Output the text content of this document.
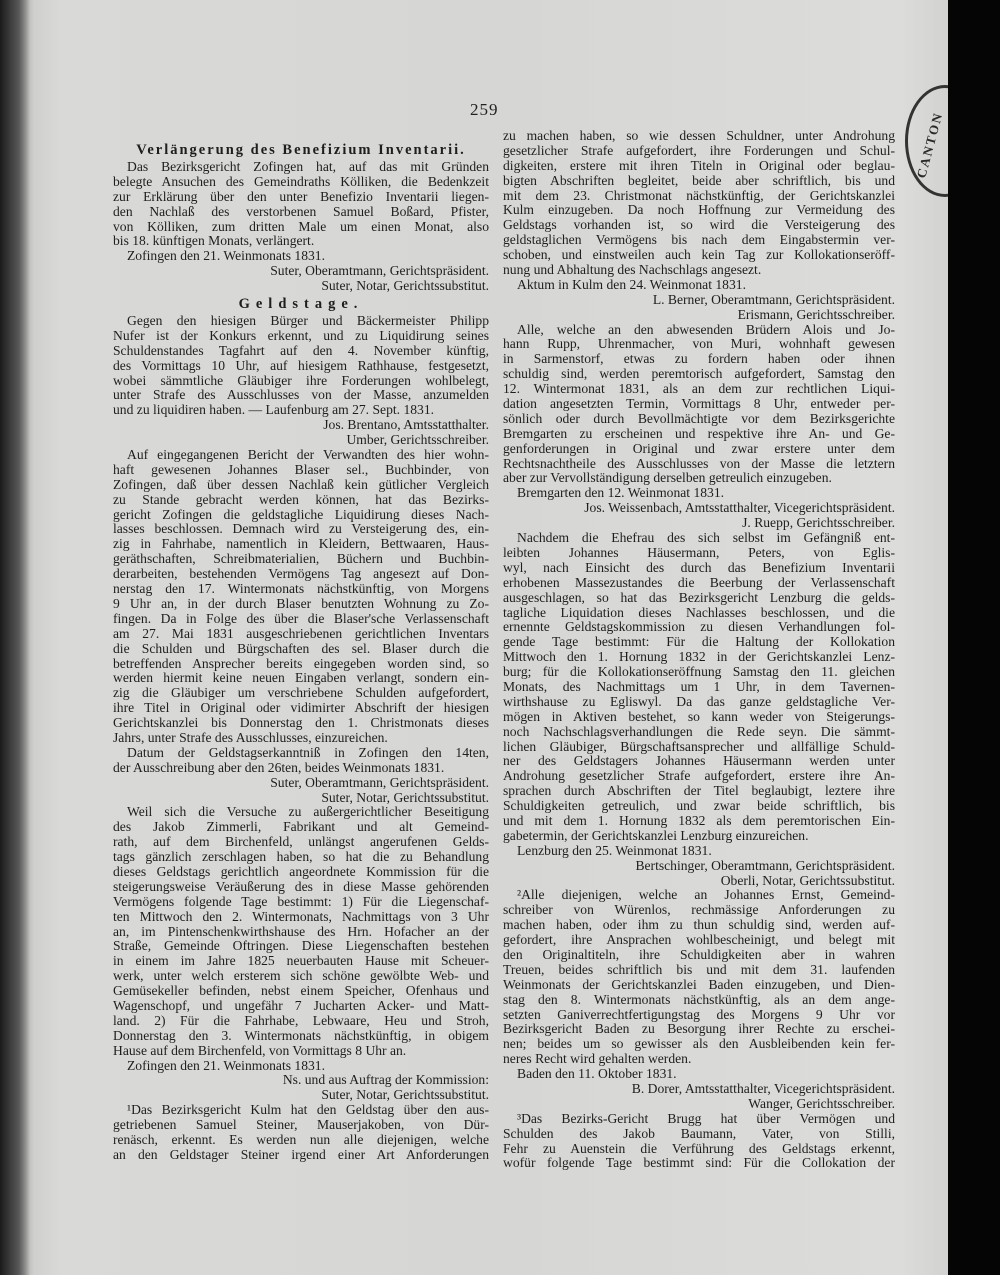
259
Verlängerung des Benefizium Inventarii.
Das Bezirksgericht Zofingen hat, auf das mit Gründen
belegte Ansuchen des Gemeindraths Kölliken, die Bedenkzeit
zur Erklärung über den unter Benefizio Inventarii liegen-
den Nachlaß des verstorbenen Samuel Boßard, Pfister,
von Kölliken, zum dritten Male um einen Monat, also
bis 18. künftigen Monats, verlängert.
Zofingen den 21. Weinmonats 1831.
Suter, Oberamtmann, Gerichtspräsident.
Suter, Notar, Gerichtssubstitut.
Geldstage.
Gegen den hiesigen Bürger und Bäckermeister Philipp
Nufer ist der Konkurs erkennt, und zu Liquidirung seines
Schuldenstandes Tagfahrt auf den 4. November künftig,
des Vormittags 10 Uhr, auf hiesigem Rathhause, festgesetzt,
wobei sämmtliche Gläubiger ihre Forderungen wohlbelegt,
unter Strafe des Ausschlusses von der Masse, anzumelden
und zu liquidiren haben. — Laufenburg am 27. Sept. 1831.
Jos. Brentano, Amtsstatthalter.
Umber, Gerichtsschreiber.
Auf eingegangenen Bericht der Verwandten des hier wohn-
haft gewesenen Johannes Blaser sel., Buchbinder, von
Zofingen, daß über dessen Nachlaß kein gütlicher Vergleich
zu Stande gebracht werden können, hat das Bezirks-
gericht Zofingen die geldstagliche Liquidirung dieses Nach-
lasses beschlossen. Demnach wird zu Versteigerung des, ein-
zig in Fahrhabe, namentlich in Kleidern, Bettwaaren, Haus-
geräthschaften, Schreibmaterialien, Büchern und Buchbin-
derarbeiten, bestehenden Vermögens Tag angesezt auf Don-
nerstag den 17. Wintermonats nächstkünftig, von Morgens
9 Uhr an, in der durch Blaser benutzten Wohnung zu Zo-
fingen. Da in Folge des über die Blaser'sche Verlassenschaft
am 27. Mai 1831 ausgeschriebenen gerichtlichen Inventars
die Schulden und Bürgschaften des sel. Blaser durch die
betreffenden Ansprecher bereits eingegeben worden sind, so
werden hiermit keine neuen Eingaben verlangt, sondern ein-
zig die Gläubiger um verschriebene Schulden aufgefordert,
ihre Titel in Original oder vidimirter Abschrift der hiesigen
Gerichtskanzlei bis Donnerstag den 1. Christmonats dieses
Jahrs, unter Strafe des Ausschlusses, einzureichen.
Datum der Geldstagserkanntniß in Zofingen den 14ten,
der Ausschreibung aber den 26ten, beides Weinmonats 1831.
Suter, Oberamtmann, Gerichtspräsident.
Suter, Notar, Gerichtssubstitut.
Weil sich die Versuche zu außergerichtlicher Beseitigung
des Jakob Zimmerli, Fabrikant und alt Gemeind-
rath, auf dem Birchenfeld, unlängst angerufenen Gelds-
tags gänzlich zerschlagen haben, so hat die zu Behandlung
dieses Geldstags gerichtlich angeordnete Kommission für die
steigerungsweise Veräußerung des in diese Masse gehörenden
Vermögens folgende Tage bestimmt: 1) Für die Liegenschaf-
ten Mittwoch den 2. Wintermonats, Nachmittags von 3 Uhr
an, im Pintenschenkwirthshause des Hrn. Hofacher an der
Straße, Gemeinde Oftringen. Diese Liegenschaften bestehen
in einem im Jahre 1825 neuerbauten Hause mit Scheuer-
werk, unter welch ersterem sich schöne gewölbte Web- und
Gemüsekeller befinden, nebst einem Speicher, Ofenhaus und
Wagenschopf, und ungefähr 7 Jucharten Acker- und Matt-
land. 2) Für die Fahrhabe, Lebwaare, Heu und Stroh,
Donnerstag den 3. Wintermonats nächstkünftig, in obigem
Hause auf dem Birchenfeld, von Vormittags 8 Uhr an.
Zofingen den 21. Weinmonats 1831.
Ns. und aus Auftrag der Kommission:
Suter, Notar, Gerichtssubstitut.
¹Das Bezirksgericht Kulm hat den Geldstag über den aus-
getriebenen Samuel Steiner, Mauserjakoben, von Dür-
renäsch, erkennt. Es werden nun alle diejenigen, welche
an den Geldstager Steiner irgend einer Art Anforderungen
zu machen haben, so wie dessen Schuldner, unter Androhung
gesetzlicher Strafe aufgefordert, ihre Forderungen und Schul-
digkeiten, erstere mit ihren Titeln in Original oder beglau-
bigten Abschriften begleitet, beide aber schriftlich, bis und
mit dem 23. Christmonat nächstkünftig, der Gerichtskanzlei
Kulm einzugeben. Da noch Hoffnung zur Vermeidung des
Geldstags vorhanden ist, so wird die Versteigerung des
geldstaglichen Vermögens bis nach dem Eingabstermin ver-
schoben, und einstweilen auch kein Tag zur Kollokationseröff-
nung und Abhaltung des Nachschlags angesezt.
Aktum in Kulm den 24. Weinmonat 1831.
L. Berner, Oberamtmann, Gerichtspräsident.
Erismann, Gerichtsschreiber.
Alle, welche an den abwesenden Brüdern Alois und Jo-
hann Rupp, Uhrenmacher, von Muri, wohnhaft gewesen
in Sarmenstorf, etwas zu fordern haben oder ihnen
schuldig sind, werden peremtorisch aufgefordert, Samstag den
12. Wintermonat 1831, als an dem zur rechtlichen Liqui-
dation angesetzten Termin, Vormittags 8 Uhr, entweder per-
sönlich oder durch Bevollmächtigte vor dem Bezirksgerichte
Bremgarten zu erscheinen und respektive ihre An- und Ge-
genforderungen in Original und zwar erstere unter dem
Rechtsnachtheile des Ausschlusses von der Masse die letztern
aber zur Vervollständigung derselben getreulich einzugeben.
Bremgarten den 12. Weinmonat 1831.
Jos. Weissenbach, Amtsstatthalter, Vicegerichtspräsident.
J. Ruepp, Gerichtsschreiber.
Nachdem die Ehefrau des sich selbst im Gefängniß ent-
leibten Johannes Häusermann, Peters, von Eglis-
wyl, nach Einsicht des durch das Benefizium Inventarii
erhobenen Massezustandes die Beerbung der Verlassenschaft
ausgeschlagen, so hat das Bezirksgericht Lenzburg die gelds-
tagliche Liquidation dieses Nachlasses beschlossen, und die
ernennte Geldstagskommission zu diesen Verhandlungen fol-
gende Tage bestimmt: Für die Haltung der Kollokation
Mittwoch den 1. Hornung 1832 in der Gerichtskanzlei Lenz-
burg; für die Kollokationseröffnung Samstag den 11. gleichen
Monats, des Nachmittags um 1 Uhr, in dem Tavernen-
wirthshause zu Egliswyl. Da das ganze geldstagliche Ver-
mögen in Aktiven bestehet, so kann weder von Steigerungs-
noch Nachschlagsverhandlungen die Rede seyn. Die sämmt-
lichen Gläubiger, Bürgschaftsansprecher und allfällige Schuld-
ner des Geldstagers Johannes Häusermann werden unter
Androhung gesetzlicher Strafe aufgefordert, erstere ihre An-
sprachen durch Abschriften der Titel beglaubigt, leztere ihre
Schuldigkeiten getreulich, und zwar beide schriftlich, bis
und mit dem 1. Hornung 1832 als dem peremtorischen Ein-
gabetermin, der Gerichtskanzlei Lenzburg einzureichen.
Lenzburg den 25. Weinmonat 1831.
Bertschinger, Oberamtmann, Gerichtspräsident.
Oberli, Notar, Gerichtssubstitut.
²Alle diejenigen, welche an Johannes Ernst, Gemeind-
schreiber von Würenlos, rechmässige Anforderungen zu
machen haben, oder ihm zu thun schuldig sind, werden auf-
gefordert, ihre Ansprachen wohlbescheinigt, und belegt mit
den Originaltiteln, ihre Schuldigkeiten aber in wahren
Treuen, beides schriftlich bis und mit dem 31. laufenden
Weinmonats der Gerichtskanzlei Baden einzugeben, und Dien-
stag den 8. Wintermonats nächstkünftig, als an dem ange-
setzten Ganiverrechtfertigungstag des Morgens 9 Uhr vor
Bezirksgericht Baden zu Besorgung ihrer Rechte zu erschei-
nen; beides um so gewisser als den Ausbleibenden kein fer-
neres Recht wird gehalten werden.
Baden den 11. Oktober 1831.
B. Dorer, Amtsstatthalter, Vicegerichtspräsident.
Wanger, Gerichtsschreiber.
³Das Bezirks-Gericht Brugg hat über Vermögen und
Schulden des Jakob Baumann, Vater, von Stilli,
Fehr zu Auenstein die Verführung des Geldstags erkennt,
wofür folgende Tage bestimmt sind: Für die Collokation der
CANTON
